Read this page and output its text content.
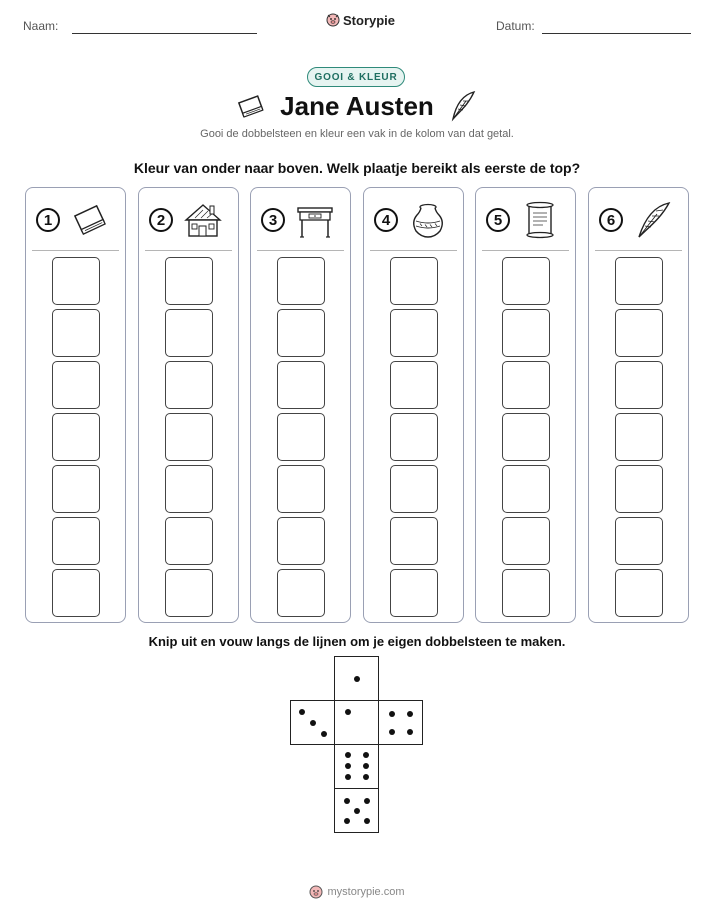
Naam:	Storypie	Datum:
GOOI & KLEUR
Jane Austen
Gooi de dobbelsteen en kleur een vak in de kolom van dat getal.
Kleur van onder naar boven. Welk plaatje bereikt als eerste de top?
1	2	3	4	5	6
Knip uit en vouw langs de lijnen om je eigen dobbelsteen te maken.
mystorypie.com
